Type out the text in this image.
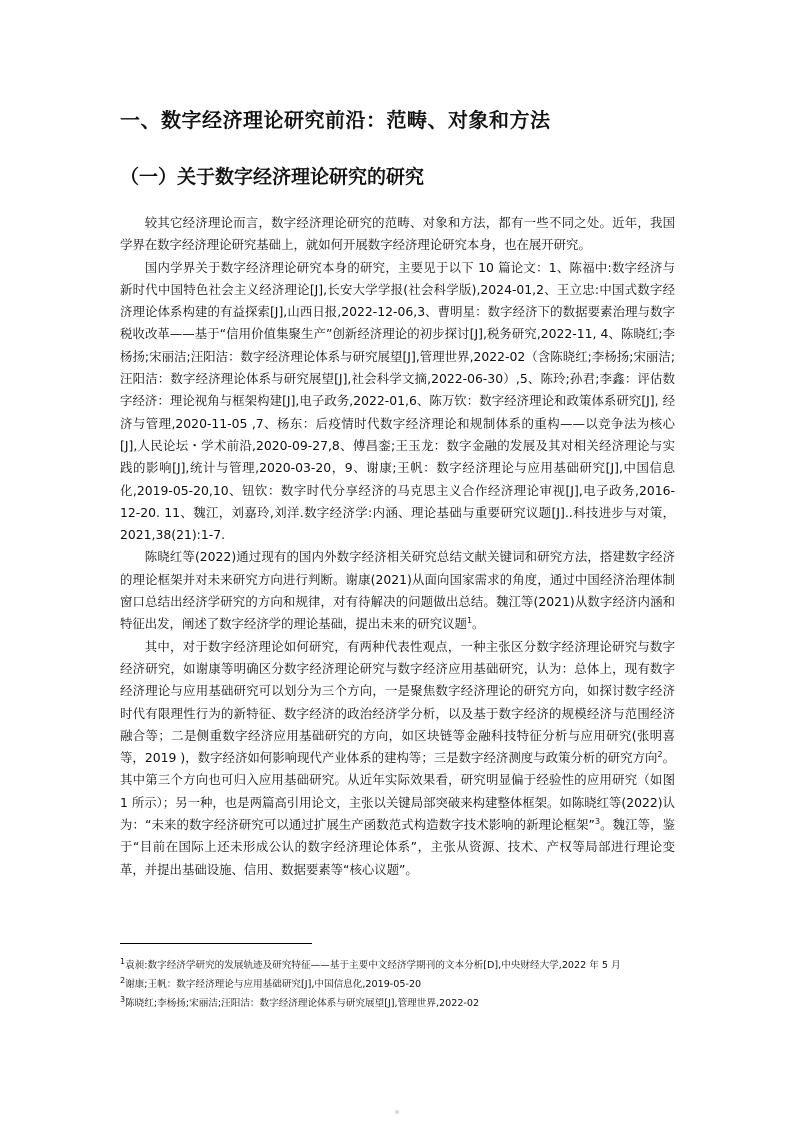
一、数字经济理论研究前沿：范畴、对象和方法
（一）关于数字经济理论研究的研究

较其它经济理论而言，数字经济理论研究的范畴、对象和方法，都有一些不同之处。近年，我国学界在数字经济理论研究基础上，就如何开展数字经济理论研究本身，也在展开研究。

国内学界关于数字经济理论研究本身的研究，主要见于以下 10 篇论文：1、陈福中:数字经济与新时代中国特色社会主义经济理论[J],长安大学学报(社会科学版),2024-01,2、王立忠:中国式数字经济理论体系构建的有益探索[J],山西日报,2022-12-06,3、曹明星：数字经济下的数据要素治理与数字税收改革——基于“信用价值集聚生产”创新经济理论的初步探讨[J],税务研究,2022-11, 4、陈晓红;李杨扬;宋丽洁;汪阳洁：数字经济理论体系与研究展望[J],管理世界,2022-02（含陈晓红;李杨扬;宋丽洁;汪阳洁：数字经济理论体系与研究展望[J],社会科学文摘,2022-06-30）,5、陈玲;孙君;李鑫：评估数字经济：理论视角与框架构建[J],电子政务,2022-01,6、陈万钦：数字经济理论和政策体系研究[J], 经济与管理,2020-11-05 ,7、杨东：后疫情时代数字经济理论和规制体系的重构——以竞争法为核心[J],人民论坛・学术前沿,2020-09-27,8、傅昌銮;王玉龙：数字金融的发展及其对相关经济理论与实践的影响[J],统计与管理,2020-03-20，9、谢康;王帆：数字经济理论与应用基础研究[J],中国信息化,2019-05-20,10、钮钦：数字时代分享经济的马克思主义合作经济理论审视[J],电子政务,2016-12-20. 11、魏江，刘嘉玲,刘洋.数字经济学:内涵、理论基础与重要研究议题[J]..科技进步与对策，2021,38(21):1-7.

陈晓红等(2022)通过现有的国内外数字经济相关研究总结文献关键词和研究方法，搭建数字经济的理论框架并对未来研究方向进行判断。谢康(2021)从面向国家需求的角度，通过中国经济治理体制窗口总结出经济学研究的方向和规律，对有待解决的问题做出总结。魏江等(2021)从数字经济内涵和特征出发，阐述了数字经济学的理论基础，提出未来的研究议题$^1$。

其中，对于数字经济理论如何研究，有两种代表性观点，一种主张区分数字经济理论研究与数字经济研究，如谢康等明确区分数字经济理论研究与数字经济应用基础研究，认为：总体上，现有数字经济理论与应用基础研究可以划分为三个方向，一是聚焦数字经济理论的研究方向，如探讨数字经济时代有限理性行为的新特征、数字经济的政治经济学分析，以及基于数字经济的规模经济与范围经济融合等；二是侧重数字经济应用基础研究的方向，如区块链等金融科技特征分析与应用研究(张明喜等，2019 )，数字经济如何影响现代产业体系的建构等；三是数字经济测度与政策分析的研究方向$^2$。其中第三个方向也可归入应用基础研究。从近年实际效果看，研究明显偏于经验性的应用研究（如图 1 所示）；另一种，也是两篇高引用论文，主张以关键局部突破来构建整体框架。如陈晓红等(2022)认为：“未来的数字经济研究可以通过扩展生产函数范式构造数字技术影响的新理论框架”$^3$。魏江等，鉴于“目前在国际上还未形成公认的数字经济理论体系”，主张从资源、技术、产权等局部进行理论变革，并提出基础设施、信用、数据要素等“核心议题”。

$^1$袁昶:数字经济学研究的发展轨迹及研究特征——基于主要中文经济学期刊的文本分析[D],中央财经大学,2022 年 5 月

$^2$谢康;王帆：数字经济理论与应用基础研究[J],中国信息化,2019-05-20

$^3$陈晓红;李杨扬;宋丽洁;汪阳洁：数字经济理论体系与研究展望[J],管理世界,2022-02
